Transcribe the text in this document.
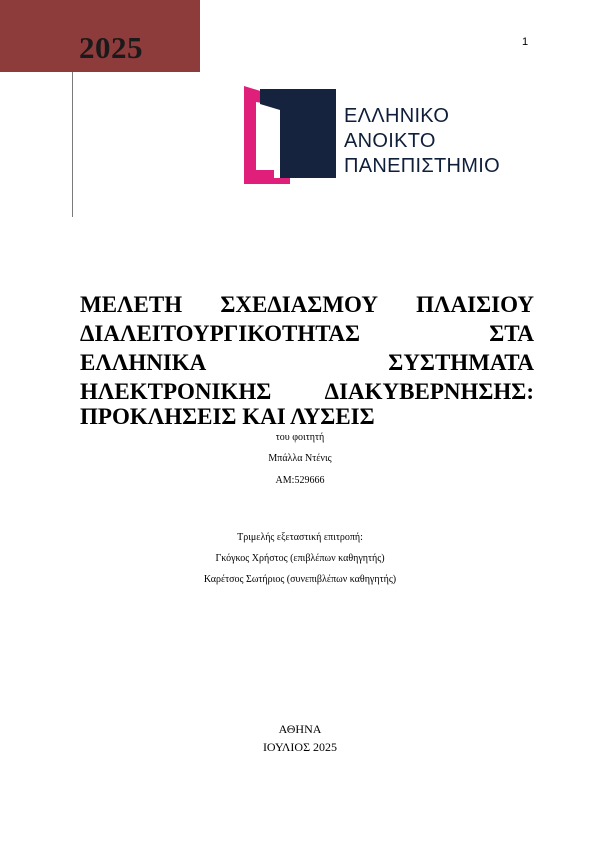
2025	1
ΕΛΛΗΝΙΚΟ
ΑΝΟΙΚΤΟ
ΠΑΝΕΠΙΣΤΗΜΙΟ
ΜΕΛΕΤΗ ΣΧΕΔΙΑΣΜΟΥ ΠΛΑΙΣΙΟΥ
ΔΙΑΛΕΙΤΟΥΡΓΙΚΟΤΗΤΑΣ ΣΤΑ
ΕΛΛΗΝΙΚΑ ΣΥΣΤΗΜΑΤΑ
ΗΛΕΚΤΡΟΝΙΚΗΣ ΔΙΑΚΥΒΕΡΝΗΣΗΣ:
ΠΡΟΚΛΗΣΕΙΣ ΚΑΙ ΛΥΣΕΙΣ
του φοιτητή
Μπάλλα Ντένις
ΑΜ:529666
Τριμελής εξεταστική επιτροπή:
Γκόγκος Χρήστος (επιβλέπων καθηγητής)
Καρέτσος Σωτήριος (συνεπιβλέπων καθηγητής)
ΑΘΗΝΑ
ΙΟΥΛΙΟΣ 2025
